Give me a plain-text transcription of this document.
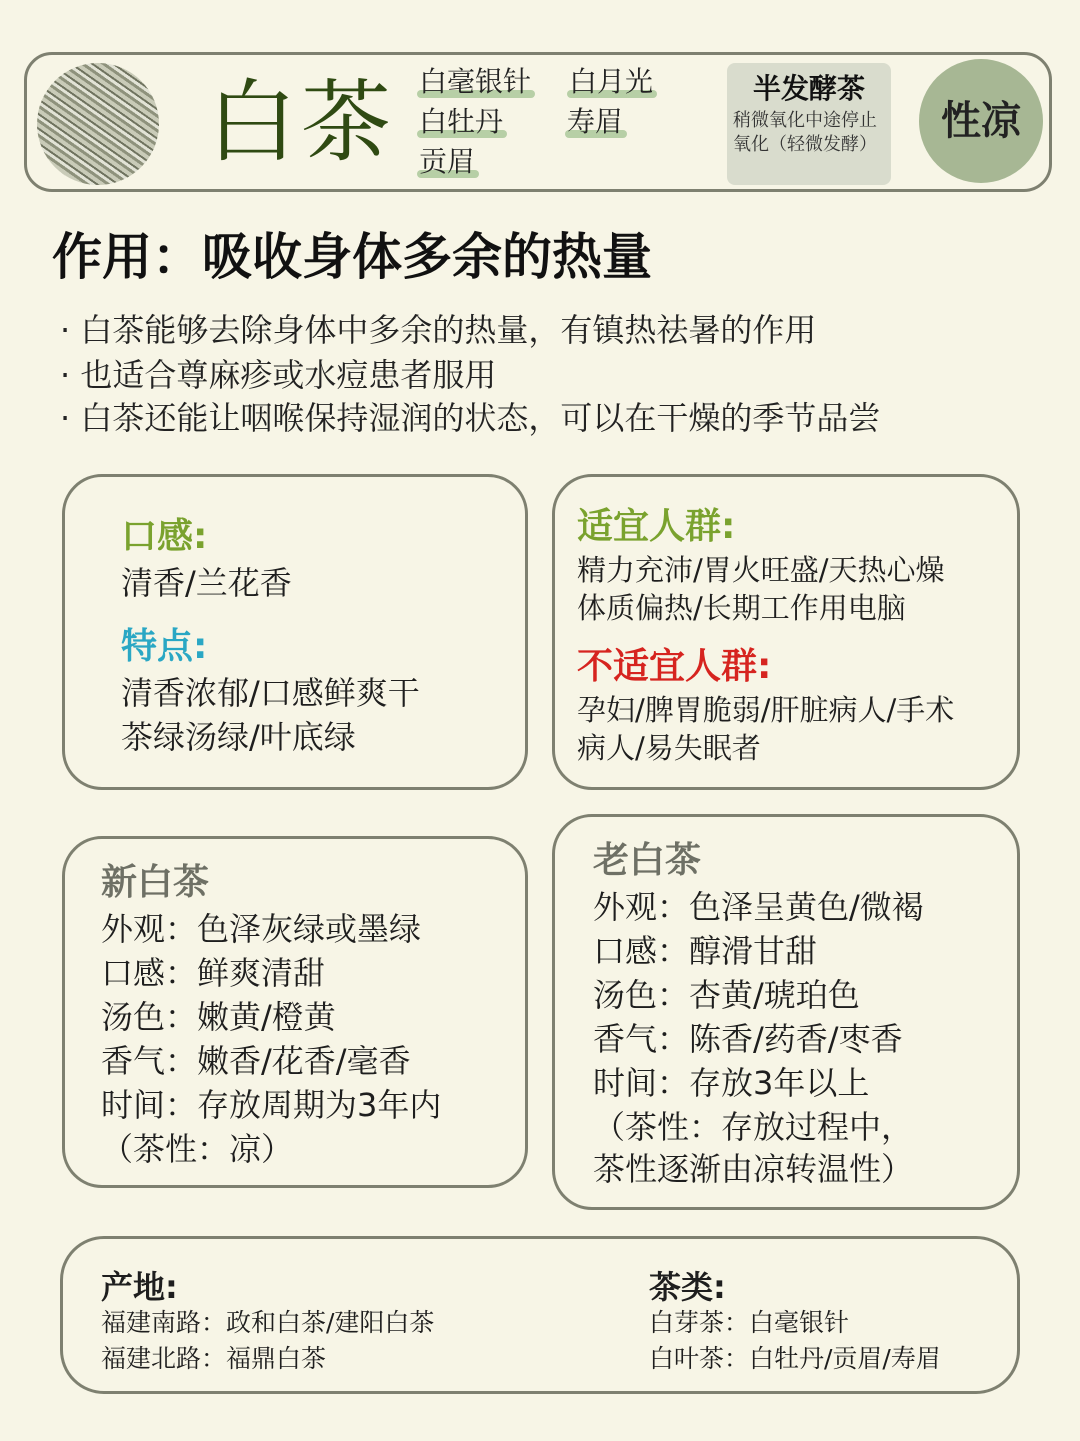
白茶 白毫银针 白月光
白牡丹 寿眉
贡眉
半发酵茶
稍微氧化中途停止氧化（轻微发酵）
性凉
作用：吸收身体多余的热量
· 白茶能够去除身体中多余的热量，有镇热祛暑的作用
· 也适合尊麻疹或水痘患者服用
· 白茶还能让咽喉保持湿润的状态，可以在干燥的季节品尝
口感:
清香/兰花香
特点:
清香浓郁/口感鲜爽干
茶绿汤绿/叶底绿
适宜人群:
精力充沛/胃火旺盛/天热心燥
体质偏热/长期工作用电脑
不适宜人群:
孕妇/脾胃脆弱/肝脏病人/手术
病人/易失眠者
新白茶
外观：色泽灰绿或墨绿
口感：鲜爽清甜
汤色：嫩黄/橙黄
香气：嫩香/花香/毫香
时间：存放周期为3年内
（茶性：凉）
老白茶
外观：色泽呈黄色/微褐
口感：醇滑甘甜
汤色：杏黄/琥珀色
香气：陈香/药香/枣香
时间：存放3年以上
（茶性：存放过程中，
茶性逐渐由凉转温性）
产地:
福建南路：政和白茶/建阳白茶
福建北路：福鼎白茶
茶类:
白芽茶：白毫银针
白叶茶：白牡丹/贡眉/寿眉
